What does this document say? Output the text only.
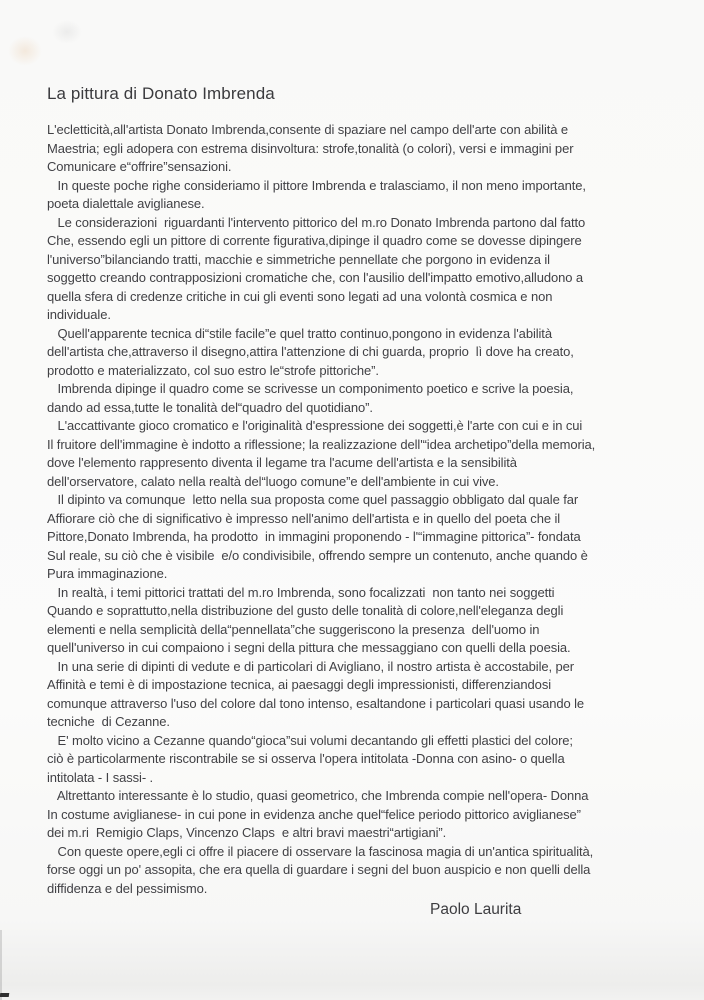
La pittura di Donato Imbrenda
L'ecletticità,all'artista Donato Imbrenda,consente di spaziare nel campo dell'arte con abilità e
Maestria; egli adopera con estrema disinvoltura: strofe,tonalità (o colori), versi e immagini per
Comunicare e“offrire”sensazioni.
In queste poche righe consideriamo il pittore Imbrenda e tralasciamo, il non meno importante,
poeta dialettale aviglianese.
Le considerazioni  riguardanti l'intervento pittorico del m.ro Donato Imbrenda partono dal fatto
Che, essendo egli un pittore di corrente figurativa,dipinge il quadro come se dovesse dipingere
l'universo”bilanciando tratti, macchie e simmetriche pennellate che porgono in evidenza il
soggetto creando contrapposizioni cromatiche che, con l'ausilio dell'impatto emotivo,alludono a
quella sfera di credenze critiche in cui gli eventi sono legati ad una volontà cosmica e non
individuale.
Quell'apparente tecnica di“stile facile”e quel tratto continuo,pongono in evidenza l'abilità
dell'artista che,attraverso il disegno,attira l'attenzione di chi guarda, proprio  lì dove ha creato,
prodotto e materializzato, col suo estro le“strofe pittoriche”.
Imbrenda dipinge il quadro come se scrivesse un componimento poetico e scrive la poesia,
dando ad essa,tutte le tonalità del“quadro del quotidiano”.
L'accattivante gioco cromatico e l'originalità d'espressione dei soggetti,è l'arte con cui e in cui
Il fruitore dell'immagine è indotto a riflessione; la realizzazione dell'“idea archetipo”della memoria,
dove l'elemento rappresento diventa il legame tra l'acume dell'artista e la sensibilità
dell'orservatore, calato nella realtà del“luogo comune”e dell'ambiente in cui vive.
Il dipinto va comunque  letto nella sua proposta come quel passaggio obbligato dal quale far
Affiorare ciò che di significativo è impresso nell'animo dell'artista e in quello del poeta che il
Pittore,Donato Imbrenda, ha prodotto  in immagini proponendo - l'“immagine pittorica”- fondata
Sul reale, su ciò che è visibile  e/o condivisibile, offrendo sempre un contenuto, anche quando è
Pura immaginazione.
In realtà, i temi pittorici trattati del m.ro Imbrenda, sono focalizzati  non tanto nei soggetti
Quando e soprattutto,nella distribuzione del gusto delle tonalità di colore,nell'eleganza degli
elementi e nella semplicità della“pennellata”che suggeriscono la presenza  dell'uomo in
quell'universo in cui compaiono i segni della pittura che messaggiano con quelli della poesia.
In una serie di dipinti di vedute e di particolari di Avigliano, il nostro artista è accostabile, per
Affinità e temi è di impostazione tecnica, ai paesaggi degli impressionisti, differenziandosi
comunque attraverso l'uso del colore dal tono intenso, esaltandone i particolari quasi usando le
tecniche  di Cezanne.
E' molto vicino a Cezanne quando“gioca”sui volumi decantando gli effetti plastici del colore;
ciò è particolarmente riscontrabile se si osserva l'opera intitolata -Donna con asino- o quella
intitolata - I sassi- .
Altrettanto interessante è lo studio, quasi geometrico, che Imbrenda compie nell'opera- Donna
In costume aviglianese- in cui pone in evidenza anche quel“felice periodo pittorico aviglianese”
dei m.ri  Remigio Claps, Vincenzo Claps  e altri bravi maestri“artigiani”.
Con queste opere,egli ci offre il piacere di osservare la fascinosa magia di un'antica spiritualità,
forse oggi un po' assopita, che era quella di guardare i segni del buon auspicio e non quelli della
diffidenza e del pessimismo.
Paolo Laurita
